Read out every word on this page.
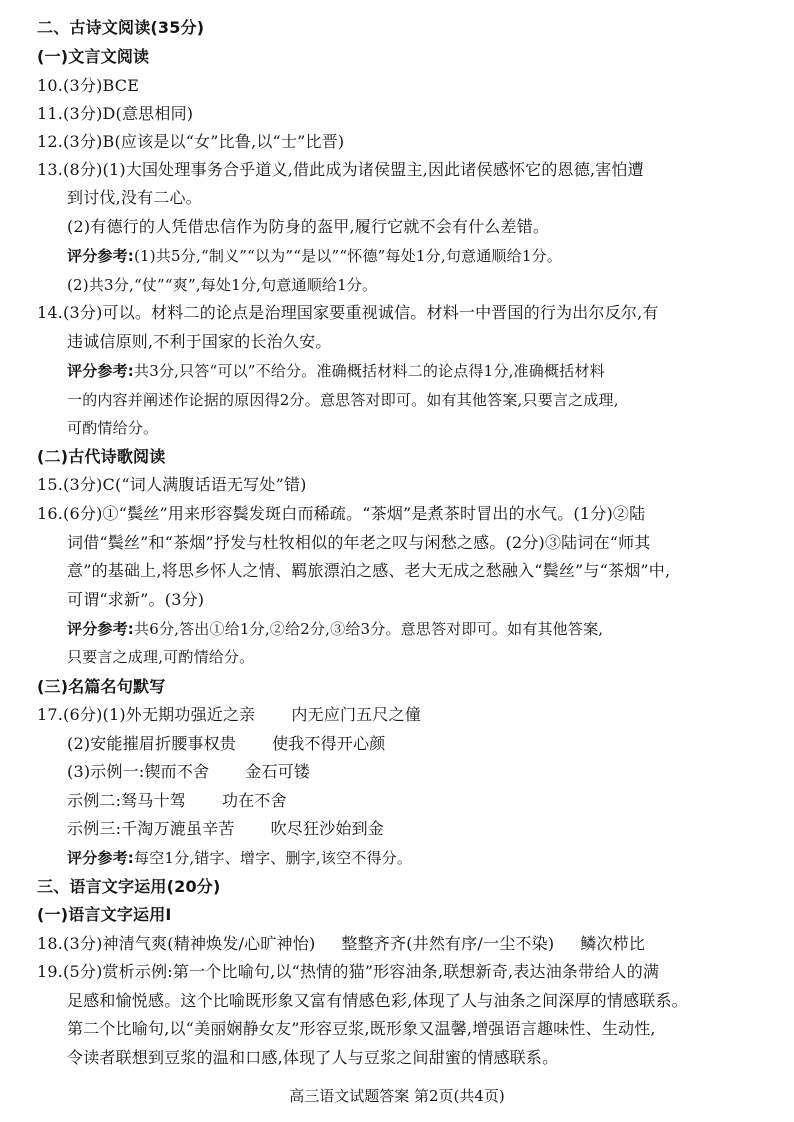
二、古诗文阅读(35分)
(一)文言文阅读
10.(3分)BCE
11.(3分)D(意思相同)
12.(3分)B(应该是以“女”比鲁,以“士”比晋)
13.(8分)(1)大国处理事务合乎道义,借此成为诸侯盟主,因此诸侯感怀它的恩德,害怕遭
到讨伐,没有二心。
(2)有德行的人凭借忠信作为防身的盔甲,履行它就不会有什么差错。
评分参考:(1)共5分,“制义”“以为”“是以”“怀德”每处1分,句意通顺给1分。
(2)共3分,“仗”“爽”,每处1分,句意通顺给1分。
14.(3分)可以。材料二的论点是治理国家要重视诚信。材料一中晋国的行为出尔反尔,有
违诚信原则,不利于国家的长治久安。
评分参考:共3分,只答“可以”不给分。准确概括材料二的论点得1分,准确概括材料
一的内容并阐述作论据的原因得2分。意思答对即可。如有其他答案,只要言之成理,
可酌情给分。
(二)古代诗歌阅读
15.(3分)C(“词人满腹话语无写处”错)
16.(6分)①“鬓丝”用来形容鬓发斑白而稀疏。“茶烟”是煮茶时冒出的水气。(1分)②陆
词借“鬓丝”和“茶烟”抒发与杜牧相似的年老之叹与闲愁之感。(2分)③陆词在“师其
意”的基础上,将思乡怀人之情、羁旅漂泊之感、老大无成之愁融入“鬓丝”与“茶烟”中,
可谓“求新”。(3分)
评分参考:共6分,答出①给1分,②给2分,③给3分。意思答对即可。如有其他答案,
只要言之成理,可酌情给分。
(三)名篇名句默写
17.(6分)(1)外无期功强近之亲 内无应门五尺之僮
(2)安能摧眉折腰事权贵 使我不得开心颜
(3)示例一:锲而不舍 金石可镂
示例二:驽马十驾 功在不舍
示例三:千淘万漉虽辛苦 吹尽狂沙始到金
评分参考:每空1分,错字、增字、删字,该空不得分。
三、语言文字运用(20分)
(一)语言文字运用Ⅰ
18.(3分)神清气爽(精神焕发/心旷神怡) 整整齐齐(井然有序/一尘不染) 鳞次栉比
19.(5分)赏析示例:第一个比喻句,以“热情的猫”形容油条,联想新奇,表达油条带给人的满
足感和愉悦感。这个比喻既形象又富有情感色彩,体现了人与油条之间深厚的情感联系。
第二个比喻句,以“美丽娴静女友”形容豆浆,既形象又温馨,增强语言趣味性、生动性,
令读者联想到豆浆的温和口感,体现了人与豆浆之间甜蜜的情感联系。
高三语文试题答案 第2页(共4页)
